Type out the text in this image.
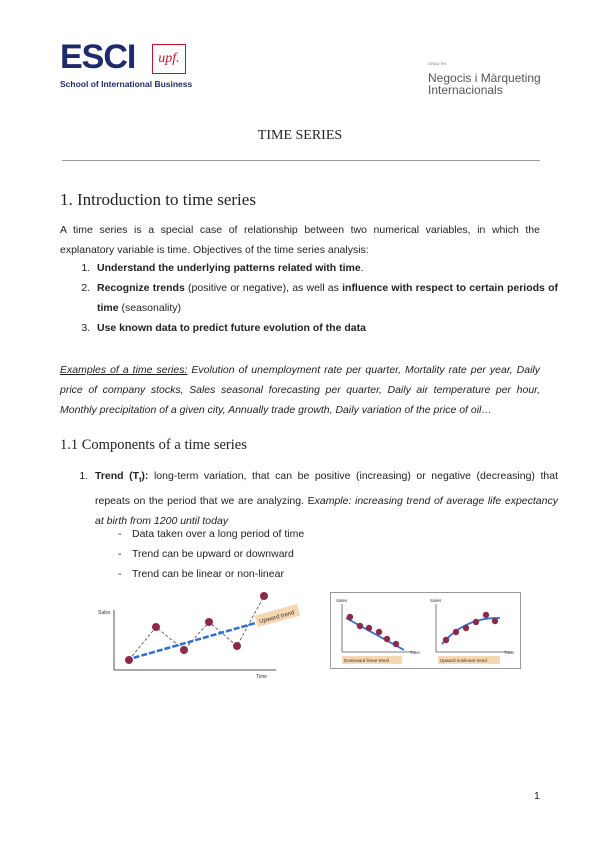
ESCI	upf.
School of International Business
GRAU EN
Negocis i Màrqueting
Internacionals
TIME SERIES
1. Introduction to time series
A time series is a special case of relationship between two numerical variables, in which the explanatory variable is time. Objectives of the time series analysis:
1. Understand the underlying patterns related with time.
2. Recognize trends (positive or negative), as well as influence with respect to certain periods of time (seasonality)
3. Use known data to predict future evolution of the data
Examples of a time series: Evolution of unemployment rate per quarter, Mortality rate per year, Daily price of company stocks, Sales seasonal forecasting per quarter, Daily air temperature per hour, Monthly precipitation of a given city, Annually trade growth, Daily variation of the price of oil…
1.1 Components of a time series
1. Trend $(T_t)$: long-term variation, that can be positive (increasing) or negative (decreasing) that repeats on the period that we are analyzing. Example: increasing trend of average life expectancy at birth from 1200 until today
- Data taken over a long period of time
- Trend can be upward or downward
- Trend can be linear or non-linear
Sales
Time
Upward trend
Sales
Time
Downward linear trend
Sales
Time
Upward nonlinear trend
1
